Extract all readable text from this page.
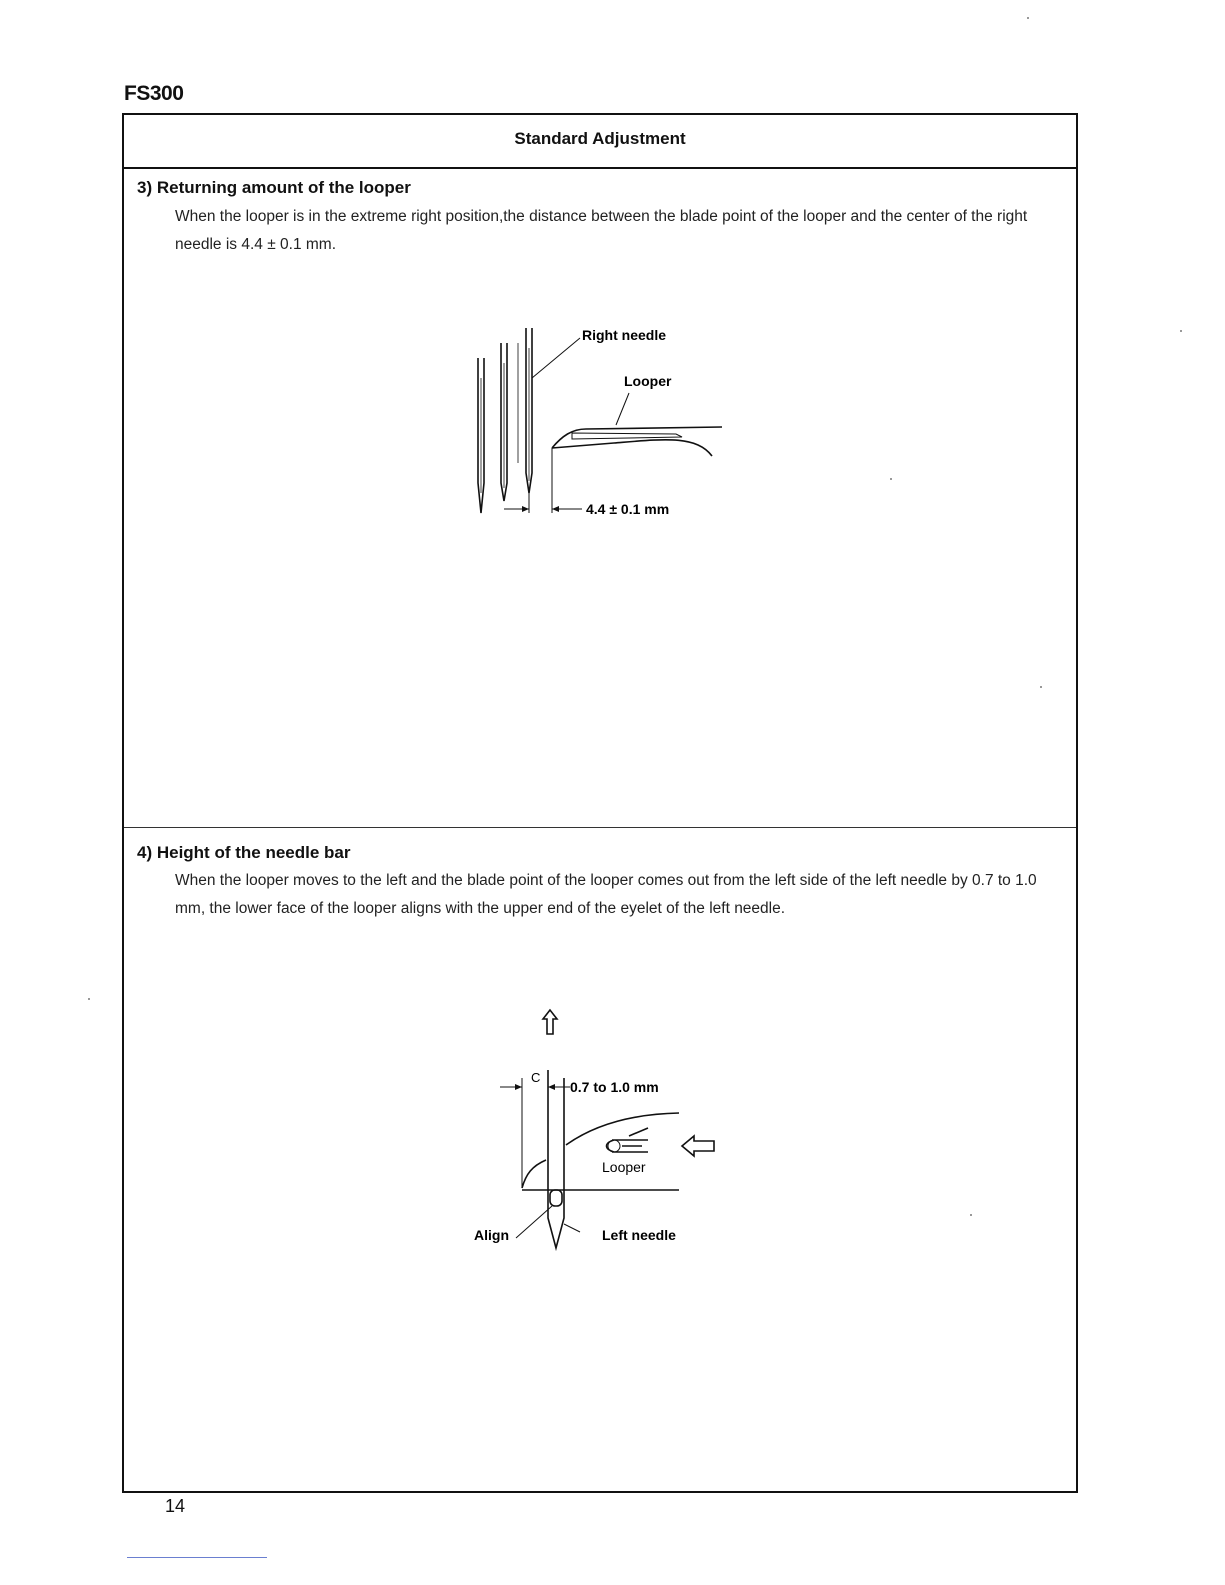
FS300
Standard Adjustment
3) Returning amount of the looper
When the looper is in the extreme right position,the distance between the blade point of the looper and the center of the right needle is 4.4 ± 0.1 mm.
Right needle
Looper
4.4 ± 0.1 mm
4) Height of the needle bar
When the looper moves to the left and the blade point of the looper comes out from the left side of the left needle by 0.7 to 1.0 mm, the lower face of the looper aligns with the upper end of the eyelet of the left needle.
C
0.7 to 1.0 mm
Looper
Align	Left needle
14
